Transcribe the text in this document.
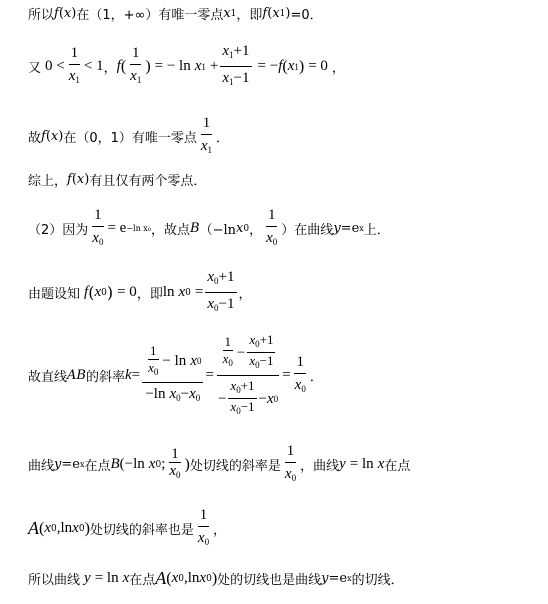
所以 f ( x ) 在（1，+∞）有唯一零点 x 1 ，即 f ( x 1 ) =0．
又 $0 < \frac{1}{x_1} < 1$ ， f ( $\frac{1}{x_1}$ ) = − ln x $1 + \frac{x_1+1}{x_1-1}$ = − f ( x 1 ) = 0 ，
故 f ( x ) 在（0，1）有唯一零点 $\frac{1}{x_1}$ ．
综上， f ( x ) 有且仅有两个零点．
（2）因为 $\frac{1}{x_0} = e -\ln$ x₀ ，故点 B （−ln x 0 ， $\frac{1}{x_0}$ ）在曲线 y =e x 上．
由题设知 f ( x 0 ) = 0 ，即 ln x $0 = \frac{x_0+1}{x_0-1}$ ，
故直线 AB 的斜率 $k = \frac{\frac{1}{x_0} - \ln x 0}{-\ln x_0-x_0} = \frac{\frac{1}{x_0} - \frac{x_0+1}{x_0-1}}{- \frac{x_0+1}{x_0-1} - x 0} = \frac{1}{x_0}$ ．
曲线 y =e x 在点 B (−ln x 0 ; $\frac{1}{x_0}$ ) 处切线的斜率是 $\frac{1}{x_0}$ ，曲线 y = ln x 在点
A ( x 0 ,ln x 0 ) 处切线的斜率也是 $\frac{1}{x_0}$ ，
所以曲线 y = ln x 在点 A ( x 0 ,ln x 0 ) 处的切线也是曲线 y =e x 的切线．
